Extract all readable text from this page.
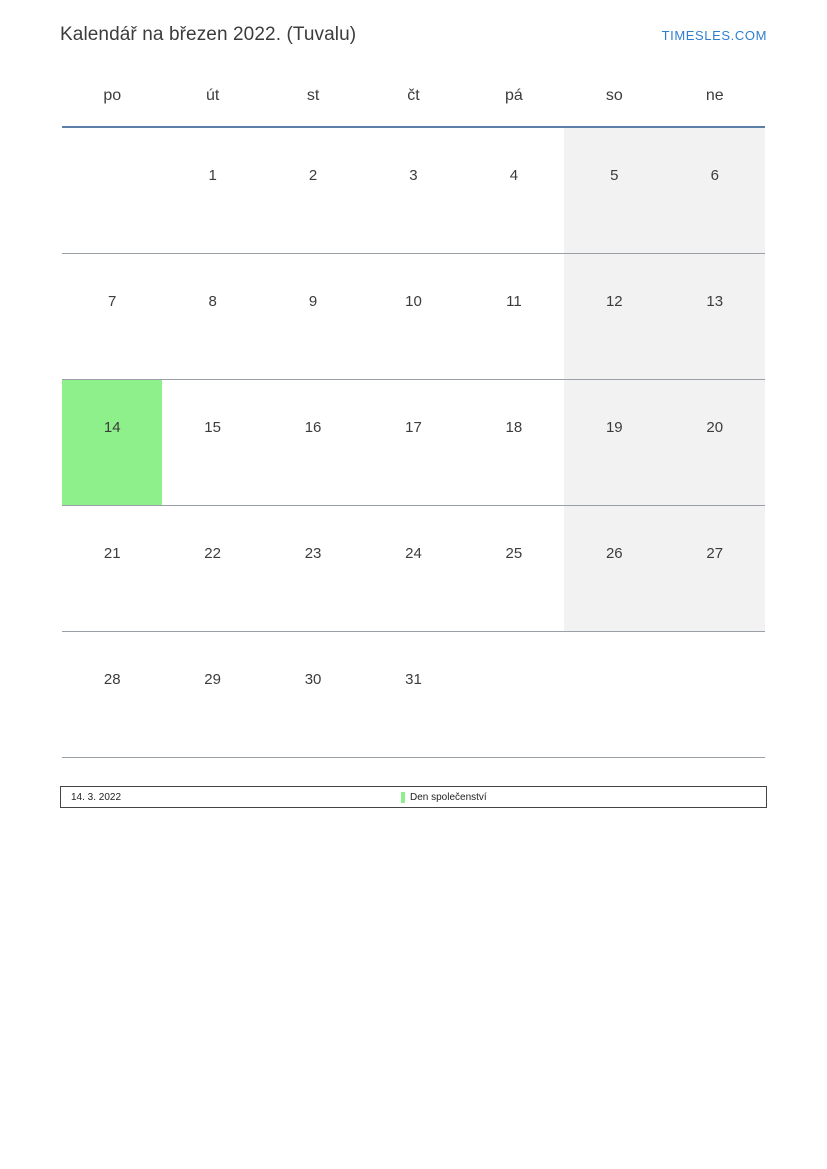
Kalendář na březen 2022. (Tuvalu)	TIMESLES.COM
po	út	st	čt	pá	so	ne

	1	2	3	4	5	6

7	8	9	10	11	12	13

14	15	16	17	18	19	20

21	22	23	24	25	26	27

28	29	30	31			

14. 3. 2022	Den společenství
